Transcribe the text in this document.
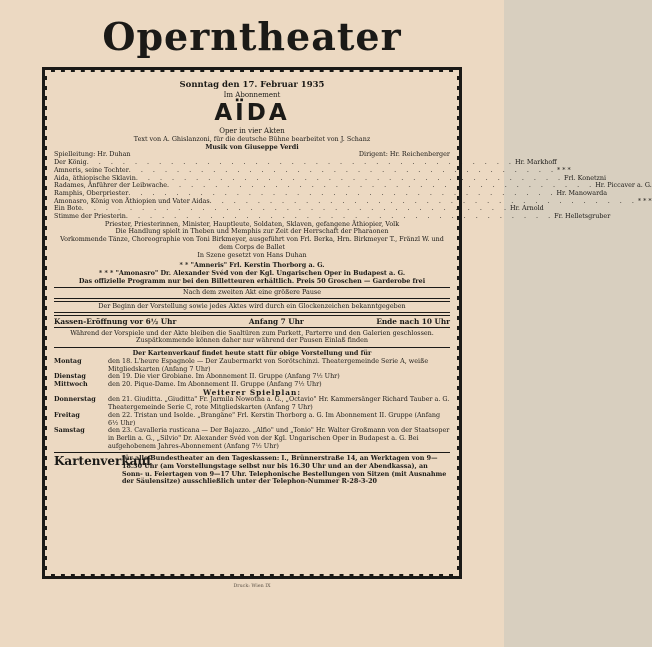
Operntheater
Sonntag den 17. Februar 1935
Im Abonnement
AÏDA
Oper in vier Akten
Text von A. Ghislanzoni, für die deutsche Bühne bearbeitet von J. Schanz
Musik von Giuseppe Verdi
Spielleitung: Hr. Duhan	Dirigent: Hr. Reichenberger
Der König . . . . . . . . . . . . . . . . . . . . . . . . . . . . . . . . . . . . Hr. Markhoff
Amneris, seine Tochter . . . . . . . . . . . . . . . . . . . . . . . . . . . . . . . . . . . . * * *
Aida, äthiopische Sklavin . . . . . . . . . . . . . . . . . . . . . . . . . . . . . . . . . . . . Frl. Konetzni
Radames, Anführer der Leibwache . . . . . . . . . . . . . . . . . . . . . . . . . . . . . . . . . . . . Hr. Piccaver a. G.
Ramphis, Oberpriester . . . . . . . . . . . . . . . . . . . . . . . . . . . . . . . . . . . . Hr. Manowarda
Amonasro, König von Äthiopien und Vater Aidas . . . . . . . . . . . . . . . . . . . . . . . . . . . . . . . . . . . . * * *
Ein Bote . . . . . . . . . . . . . . . . . . . . . . . . . . . . . . . . . . . . Hr. Arnold
Stimme der Priesterin . . . . . . . . . . . . . . . . . . . . . . . . . . . . . . . . . . . . Fr. Helletsgruber
Priester, Priesterinnen, Minister, Hauptleute, Soldaten, Sklaven, gefangene Äthiopier, Volk
Die Handlung spielt in Theben und Memphis zur Zeit der Herrschaft der Pharaonen
Vorkommende Tänze, Choreographie von Toni Birkmeyer, ausgeführt von Frl. Berka, Hrn. Birkmeyer T., Fränzl W. und dem Corps de Ballet
In Szene gesetzt von Hans Duhan
* * "Amneris" Frl. Kerstin Thorborg a. G.
* * * "Amonasro" Dr. Alexander Svéd von der Kgl. Ungarischen Oper in Budapest a. G.
Das offizielle Programm nur bei den Billetteuren erhältlich. Preis 50 Groschen — Garderobe frei
Nach dem zweiten Akt eine größere Pause
Der Beginn der Vorstellung sowie jedes Aktes wird durch ein Glockenzeichen bekanntgegeben
Kassen-Eröffnung vor 6½ Uhr	Anfang 7 Uhr	Ende nach 10 Uhr
Während der Vorspiele und der Akte bleiben die Saaltüren zum Parkett, Parterre und den Galerien geschlossen. Zuspätkommende können daher nur während der Pausen Einlaß finden
Der Kartenverkauf findet heute statt für obige Vorstellung und für
Montag	den 18. L'heure Espagnole — Der Zaubermarkt von Sorötschinzi. Theatergemeinde Serie A, weiße Mitgliedskarten (Anfang 7 Uhr)
Dienstag	den 19. Die vier Grobiane. Im Abonnement II. Gruppe (Anfang 7½ Uhr)
Mittwoch	den 20. Pique-Dame. Im Abonnement II. Gruppe (Anfang 7½ Uhr)
Weiterer Spielplan:
Donnerstag	den 21. Giuditta. „Giuditta" Fr. Jarmila Nowotna a. G., „Octavio" Hr. Kammersänger Richard Tauber a. G. Theatergemeinde Serie C, rote Mitgliedskarten (Anfang 7 Uhr)
Freitag	den 22. Tristan und Isolde. „Brangäne" Frl. Kerstin Thorborg a. G. Im Abonnement II. Gruppe (Anfang 6½ Uhr)
Samstag	den 23. Cavalleria rusticana — Der Bajazzo. „Alfio" und „Tonio" Hr. Walter Großmann von der Staatsoper in Berlin a. G., „Silvio" Dr. Alexander Svéd von der Kgl. Ungarischen Oper in Budapest a. G. Bei aufgehobenem Jahres-Abonnement (Anfang 7½ Uhr)
Kartenverkauf
für alle Bundestheater an den Tageskassen: I., Brünnerstraße 14, an Werktagen von 9—18.30 Uhr (am Vorstellungstage selbst nur bis 16.30 Uhr und an der Abendkassa), an Sonn- u. Feiertagen von 9—17 Uhr. Telephonische Bestellungen von Sitzen (mit Ausnahme der Säulensitze) ausschließlich unter der Telephon-Nummer R-28-3-20
Druck: Wien IX
